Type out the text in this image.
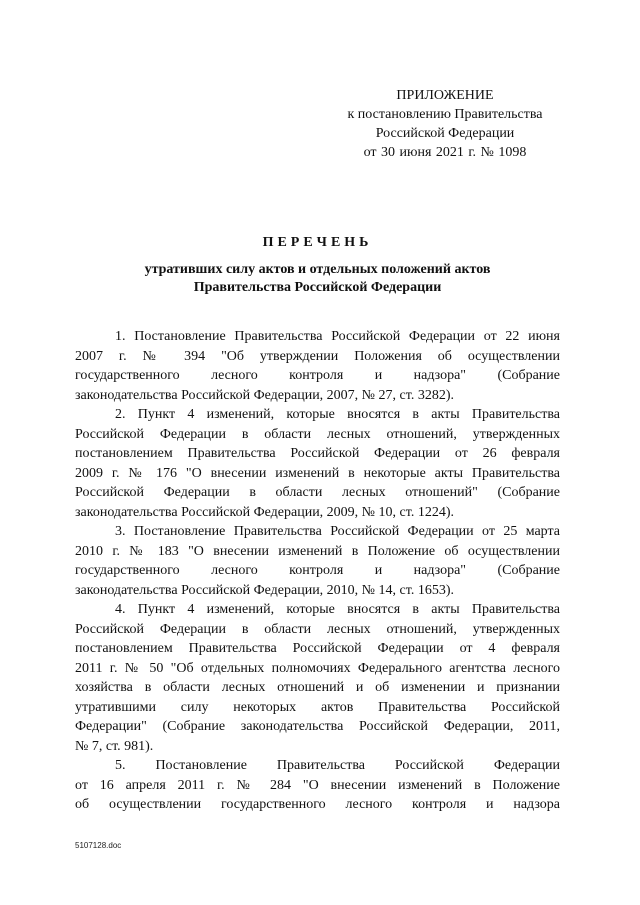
ПРИЛОЖЕНИЕ
к постановлению Правительства
Российской Федерации
от 30 июня 2021 г. № 1098
ПЕРЕЧЕНЬ
утративших силу актов и отдельных положений актов
Правительства Российской Федерации

1. Постановление Правительства Российской Федерации от 22 июня
2007 г. № 394 "Об утверждении Положения об осуществлении
государственного лесного контроля и надзора" (Собрание
законодательства Российской Федерации, 2007, № 27, ст. 3282).

2. Пункт 4 изменений, которые вносятся в акты Правительства
Российской Федерации в области лесных отношений, утвержденных
постановлением Правительства Российской Федерации от 26 февраля
2009 г. № 176 "О внесении изменений в некоторые акты Правительства
Российской Федерации в области лесных отношений" (Собрание
законодательства Российской Федерации, 2009, № 10, ст. 1224).

3. Постановление Правительства Российской Федерации от 25 марта
2010 г. № 183 "О внесении изменений в Положение об осуществлении
государственного лесного контроля и надзора" (Собрание
законодательства Российской Федерации, 2010, № 14, ст. 1653).

4. Пункт 4 изменений, которые вносятся в акты Правительства
Российской Федерации в области лесных отношений, утвержденных
постановлением Правительства Российской Федерации от 4 февраля
2011 г. № 50 "Об отдельных полномочиях Федерального агентства лесного
хозяйства в области лесных отношений и об изменении и признании
утратившими силу некоторых актов Правительства Российской
Федерации" (Собрание законодательства Российской Федерации, 2011,
№ 7, ст. 981).

5. Постановление Правительства Российской Федерации
от 16 апреля 2011 г. № 284 "О внесении изменений в Положение
об осуществлении государственного лесного контроля и надзора

5107128.doc
